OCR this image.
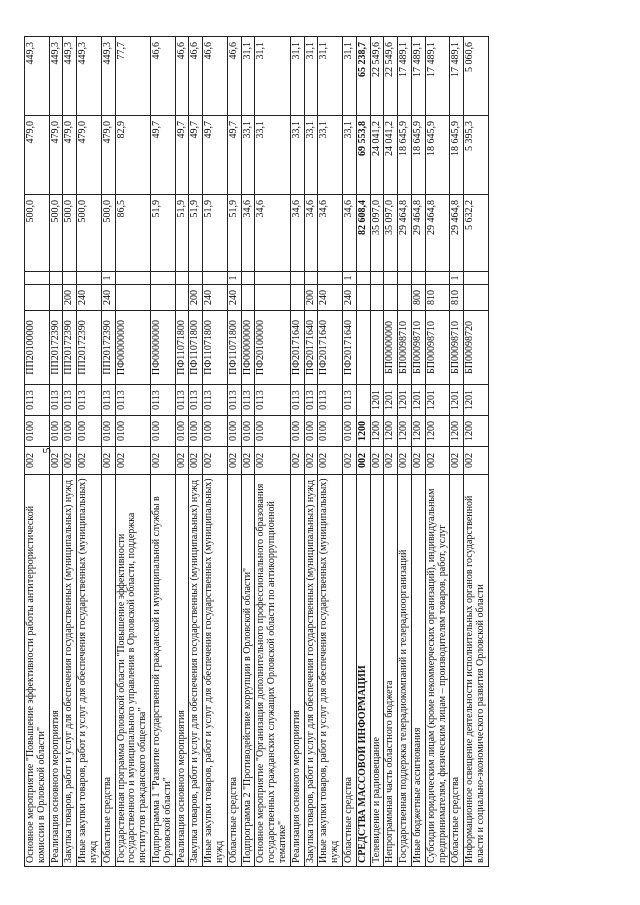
5
Основное мероприятие "Повышение эффективности работы антитеррористической комиссии в Орловской области"	002	0100	0113	ПП20100000			500,0	479,0	449,3
Реализация основного мероприятия	002	0100	0113	ПП20172390			500,0	479,0	449,3
Закупка товаров, работ и услуг для обеспечения государственных (муниципальных) нужд	002	0100	0113	ПП20172390	200		500,0	479,0	449,3
Иные закупки товаров, работ и услуг для обеспечения государственных (муниципальных) нужд	002	0100	0113	ПП20172390	240		500,0	479,0	449,3
Областные средства	002	0100	0113	ПП20172390	240	1	500,0	479,0	449,3
Государственная программа Орловской области "Повышение эффективности государственного и муниципального управления в Орловской области, поддержка институтов гражданского общества"	002	0100	0113	ПФ00000000			86,5	82,9	77,7
Подпрограмма 1 "Развитие государственной гражданской и муниципальной службы в Орловской области"	002	0100	0113	ПФ00000000			51,9	49,7	46,6
Реализация основного мероприятия	002	0100	0113	ПФ11071800			51,9	49,7	46,6
Закупка товаров, работ и услуг для обеспечения государственных (муниципальных) нужд	002	0100	0113	ПФ11071800	200		51,9	49,7	46,6
Иные закупки товаров, работ и услуг для обеспечения государственных (муниципальных) нужд	002	0100	0113	ПФ11071800	240		51,9	49,7	46,6
Областные средства	002	0100	0113	ПФ11071800	240	1	51,9	49,7	46,6
Подпрограмма 2 "Противодействие коррупции в Орловской области"	002	0100	0113	ПФ00000000			34,6	33,1	31,1
Основное мероприятие "Организация дополнительного профессионального образования государственных гражданских служащих Орловской области по антикоррупционной тематике"	002	0100	0113	ПФ20100000			34,6	33,1	31,1
Реализация основного мероприятия	002	0100	0113	ПФ20171640			34,6	33,1	31,1
Закупка товаров, работ и услуг для обеспечения государственных (муниципальных) нужд	002	0100	0113	ПФ20171640	200		34,6	33,1	31,1
Иные закупки товаров, работ и услуг для обеспечения государственных (муниципальных) нужд	002	0100	0113	ПФ20171640	240		34,6	33,1	31,1
Областные средства	002	0100	0113	ПФ20171640	240	1	34,6	33,1	31,1
СРЕДСТВА МАССОВОЙ ИНФОРМАЦИИ	002	1200					82 608,4	69 553,8	65 238,7
Телевидение и радиовещание	002	1200	1201				35 097,0	24 041,2	22 549,6
Непрограммная часть областного бюджета	002	1200	1201	БП00000000			35 097,0	24 041,2	22 549,6
Государственная поддержка телерадиокомпаний и телерадиоорганизаций	002	1200	1201	БП00098710			29 464,8	18 645,9	17 489,1
Иные бюджетные ассигнования	002	1200	1201	БП00098710	800		29 464,8	18 645,9	17 489,1
Субсидии юридическим лицам (кроме некоммерческих организаций), индивидуальным предпринимателям, физическим лицам – производителям товаров, работ, услуг	002	1200	1201	БП00098710	810		29 464,8	18 645,9	17 489,1
Областные средства	002	1200	1201	БП00098710	810	1	29 464,8	18 645,9	17 489,1
Информационное освещение деятельности исполнительных органов государственной власти и социально-экономического развития Орловской области	002	1200	1201	БП00098720			5 632,2	5 395,3	5 060,6
